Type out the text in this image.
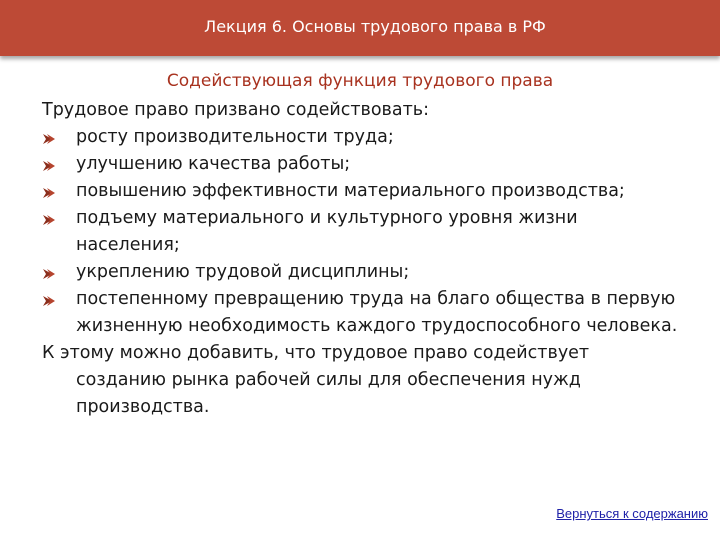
Лекция 6. Основы трудового права в РФ
Содействующая функция трудового права

Трудовое право призвано содействовать:

росту производительности труда;
улучшению качества работы;
повышению эффективности материального производства;
подъему материального и культурного уровня жизни населения;
укреплению трудовой дисциплины;
постепенному превращению труда на благо общества в первую жизненную необходимость каждого трудоспособного человека.

К этому можно добавить, что трудовое право содействует созданию рынка рабочей силы для обеспечения нужд производства.

Вернуться к содержанию
